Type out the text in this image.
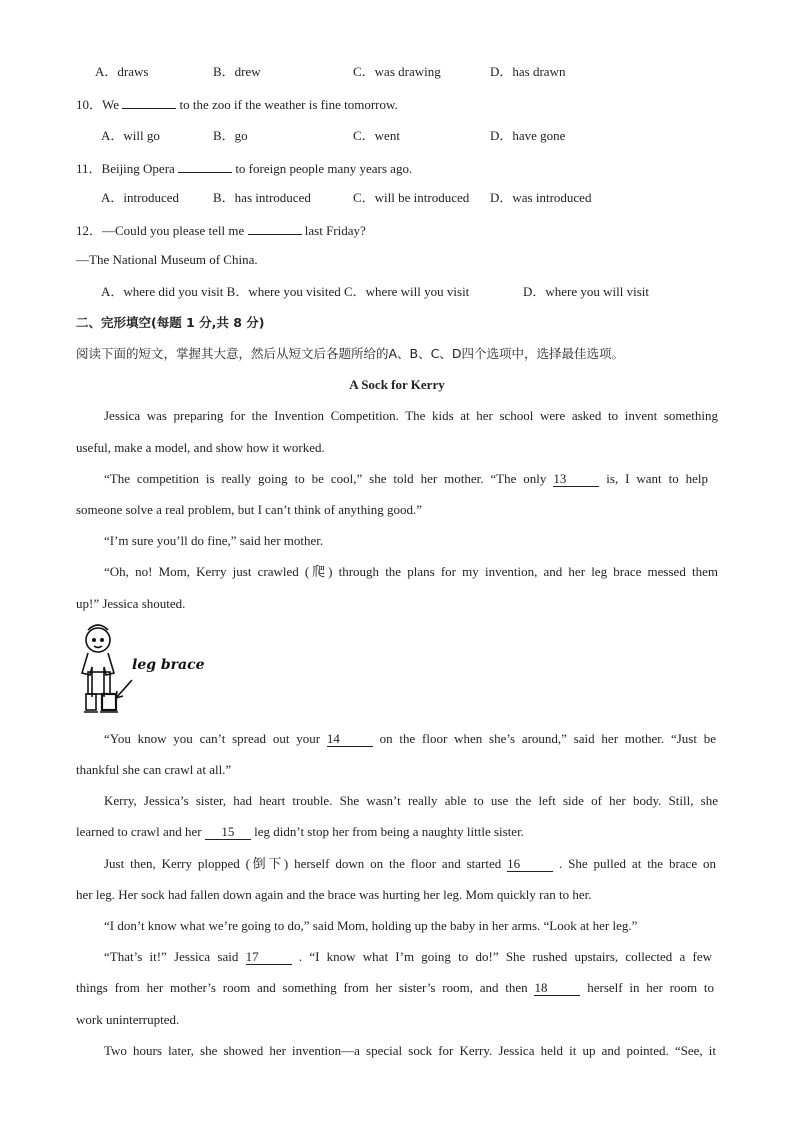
A．draws	B．drew	C．was drawing	D．has drawn
10．We	to the zoo if the weather is fine tomorrow.
A．will go	B．go	C．went	D．have gone
11．Beijing Opera	to foreign people many years ago.
A．introduced	B．has introduced	C．will be introduced D．was introduced
12．—Could you please tell me	last Friday?
—The National Museum of China.
A．where did you visit B．where you visited C．where will you visit	D．where you will visit
二、完形填空(每题 1 分,共 8 分)
阅读下面的短文，掌握其大意，然后从短文后各题所给的A、B、C、D四个选项中，选择最佳选项。
A Sock for Kerry
Jessica was preparing for the Invention Competition. The kids at her school were asked to invent something
useful, make a model, and show how it worked.
“The competition is really going to be cool,” she told her mother. “The only 13	is, I want to help
someone solve a real problem, but I can’t think of anything good.”
“I’m sure you’ll do fine,” said her mother.
“Oh, no! Mom, Kerry just crawled (爬) through the plans for my invention, and her leg brace messed them
up!” Jessica shouted.
leg brace
“You know you can’t spread out your 14	on the floor when she’s around,” said her mother. “Just be
thankful she can crawl at all.”
Kerry, Jessica’s sister, had heart trouble. She wasn’t really able to use the left side of her body. Still, she
learned to crawl and her 15 leg didn’t stop her from being a naughty little sister.
Just then, Kerry plopped (倒下) herself down on the floor and started 16	. She pulled at the brace on
her leg. Her sock had fallen down again and the brace was hurting her leg. Mom quickly ran to her.
“I don’t know what we’re going to do,” said Mom, holding up the baby in her arms. “Look at her leg.”
“That’s it!” Jessica said 17	. “I know what I’m going to do!” She rushed upstairs, collected a few
things from her mother’s room and something from her sister’s room, and then 18	herself in her room to
work uninterrupted.
Two hours later, she showed her invention—a special sock for Kerry. Jessica held it up and pointed. “See, it
